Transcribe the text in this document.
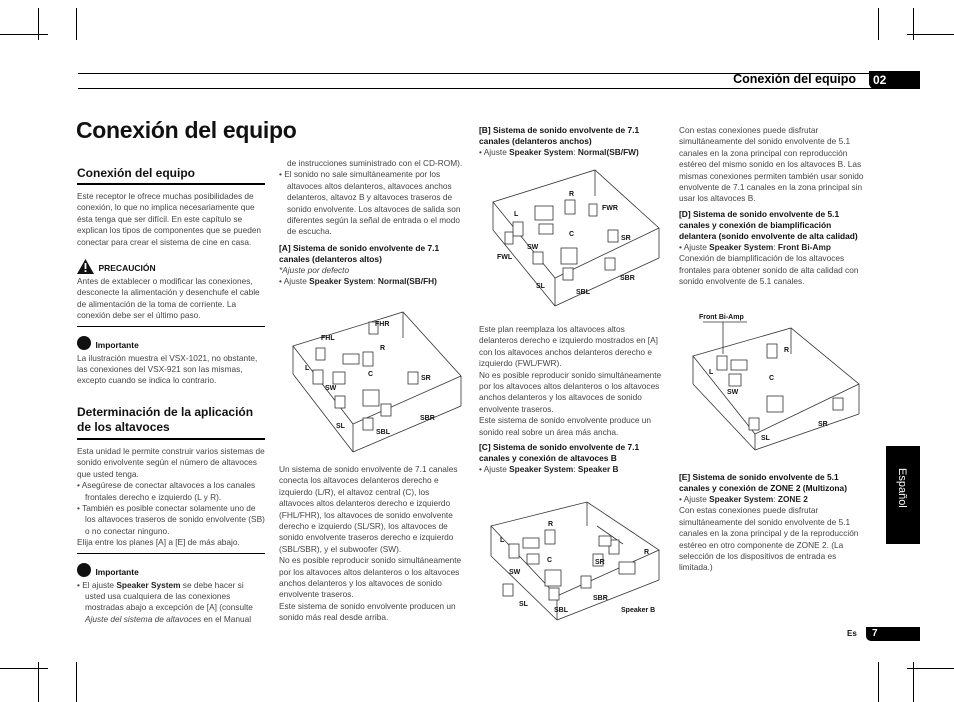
Conexión del equipo	02
Conexión del equipo
Conexión del equipo
Este receptor le ofrece muchas posibilidades de conexión, lo que no implica necesariamente que ésta tenga que ser difícil. En este capítulo se explican los tipos de componentes que se pueden conectar para crear el sistema de cine en casa.
PRECAUCIÓN
Antes de extablecer o modificar las conexiones, desconecte la alimentación y desenchufe el cable de alimentación de la toma de corriente. La conexión debe ser el último paso.
Importante
La ilustración muestra el VSX-1021, no obstante, las conexiones del VSX-921 son las mismas, excepto cuando se indica lo contrario.
Determinación de la aplicación de los altavoces
Esta unidad le permite construir varios sistemas de sonido envolvente según el número de altavoces que usted tenga.
• Asegúrese de conectar altavoces a los canales frontales derecho e izquierdo (L y R).
• También es posible conectar solamente uno de los altavoces traseros de sonido envolvente (SB) o no conectar ninguno.
Elija entre los planes [A] a [E] de más abajo.
Importante
• El ajuste Speaker System se debe hacer si usted usa cualquiera de las conexiones mostradas abajo a excepción de [A] (consulte Ajuste del sistema de altavoces en el Manual
de instrucciones suministrado con el CD-ROM).
• El sonido no sale simultáneamente por los altavoces altos delanteros, altavoces anchos delanteros, altavoz B y altavoces traseros de sonido envolvente. Los altavoces de salida son diferentes según la señal de entrada o el modo de escucha.
[A] Sistema de sonido envolvente de 7.1 canales (delanteros altos)
*Ajuste por defecto
• Ajuste Speaker System: Normal(SB/FH)
FHL
FHR
R
L
C
SW
SR
SL
SBR
SBL
Un sistema de sonido envolvente de 7.1 canales conecta los altavoces delanteros derecho e izquierdo (L/R), el altavoz central (C), los altavoces altos delanteros derecho e izquierdo (FHL/FHR), los altavoces de sonido envolvente derecho e izquierdo (SL/SR), los altavoces de sonido envolvente traseros derecho e izquierdo (SBL/SBR), y el subwoofer (SW).
No es posible reproducir sonido simultáneamente por los altavoces altos delanteros o los altavoces anchos delanteros y los altavoces de sonido envolvente traseros.
Este sistema de sonido envolvente producen un sonido más real desde arriba.
[B] Sistema de sonido envolvente de 7.1 canales (delanteros anchos)
• Ajuste Speaker System: Normal(SB/FW)
R
FWR
L
C
SR
FWL
SW
SBR
SL
SBL
Este plan reemplaza los altavoces altos delanteros derecho e izquierdo mostrados en [A] con los altavoces anchos delanteros derecho e izquierdo (FWL/FWR).
No es posible reproducir sonido simultáneamente por los altavoces altos delanteros o los altavoces anchos delanteros y los altavoces de sonido envolvente traseros.
Este sistema de sonido envolvente produce un sonido real sobre un área más ancha.
[C] Sistema de sonido envolvente de 7.1 canales y conexión de altavoces B
• Ajuste Speaker System: Speaker B
R
L
C
R
SR
SW
SL
SBR
SBL	Speaker B
Con estas conexiones puede disfrutar simultáneamente del sonido envolvente de 5.1 canales en la zona principal con reproducción estéreo del mismo sonido en los altavoces B. Las mismas conexiones permiten también usar sonido envolvente de 7.1 canales en la zona principal sin usar los altavoces B.
[D] Sistema de sonido envolvente de 5.1 canales y conexión de biamplificación delantera (sonido envolvente de alta calidad)
• Ajuste Speaker System: Front Bi-Amp
Conexión de biamplificación de los altavoces frontales para obtener sonido de alta calidad con sonido envolvente de 5.1 canales.
Front Bi-Amp
R
L
C
SW
SR
SL
[E] Sistema de sonido envolvente de 5.1 canales y conexión de ZONE 2 (Multizona)
• Ajuste Speaker System: ZONE 2
Con estas conexiones puede disfrutar simultáneamente del sonido envolvente de 5.1 canales en la zona principal y de la reproducción estéreo en otro componente de ZONE 2. (La selección de los dispositivos de entrada es limitada.)
Español
Es	7
